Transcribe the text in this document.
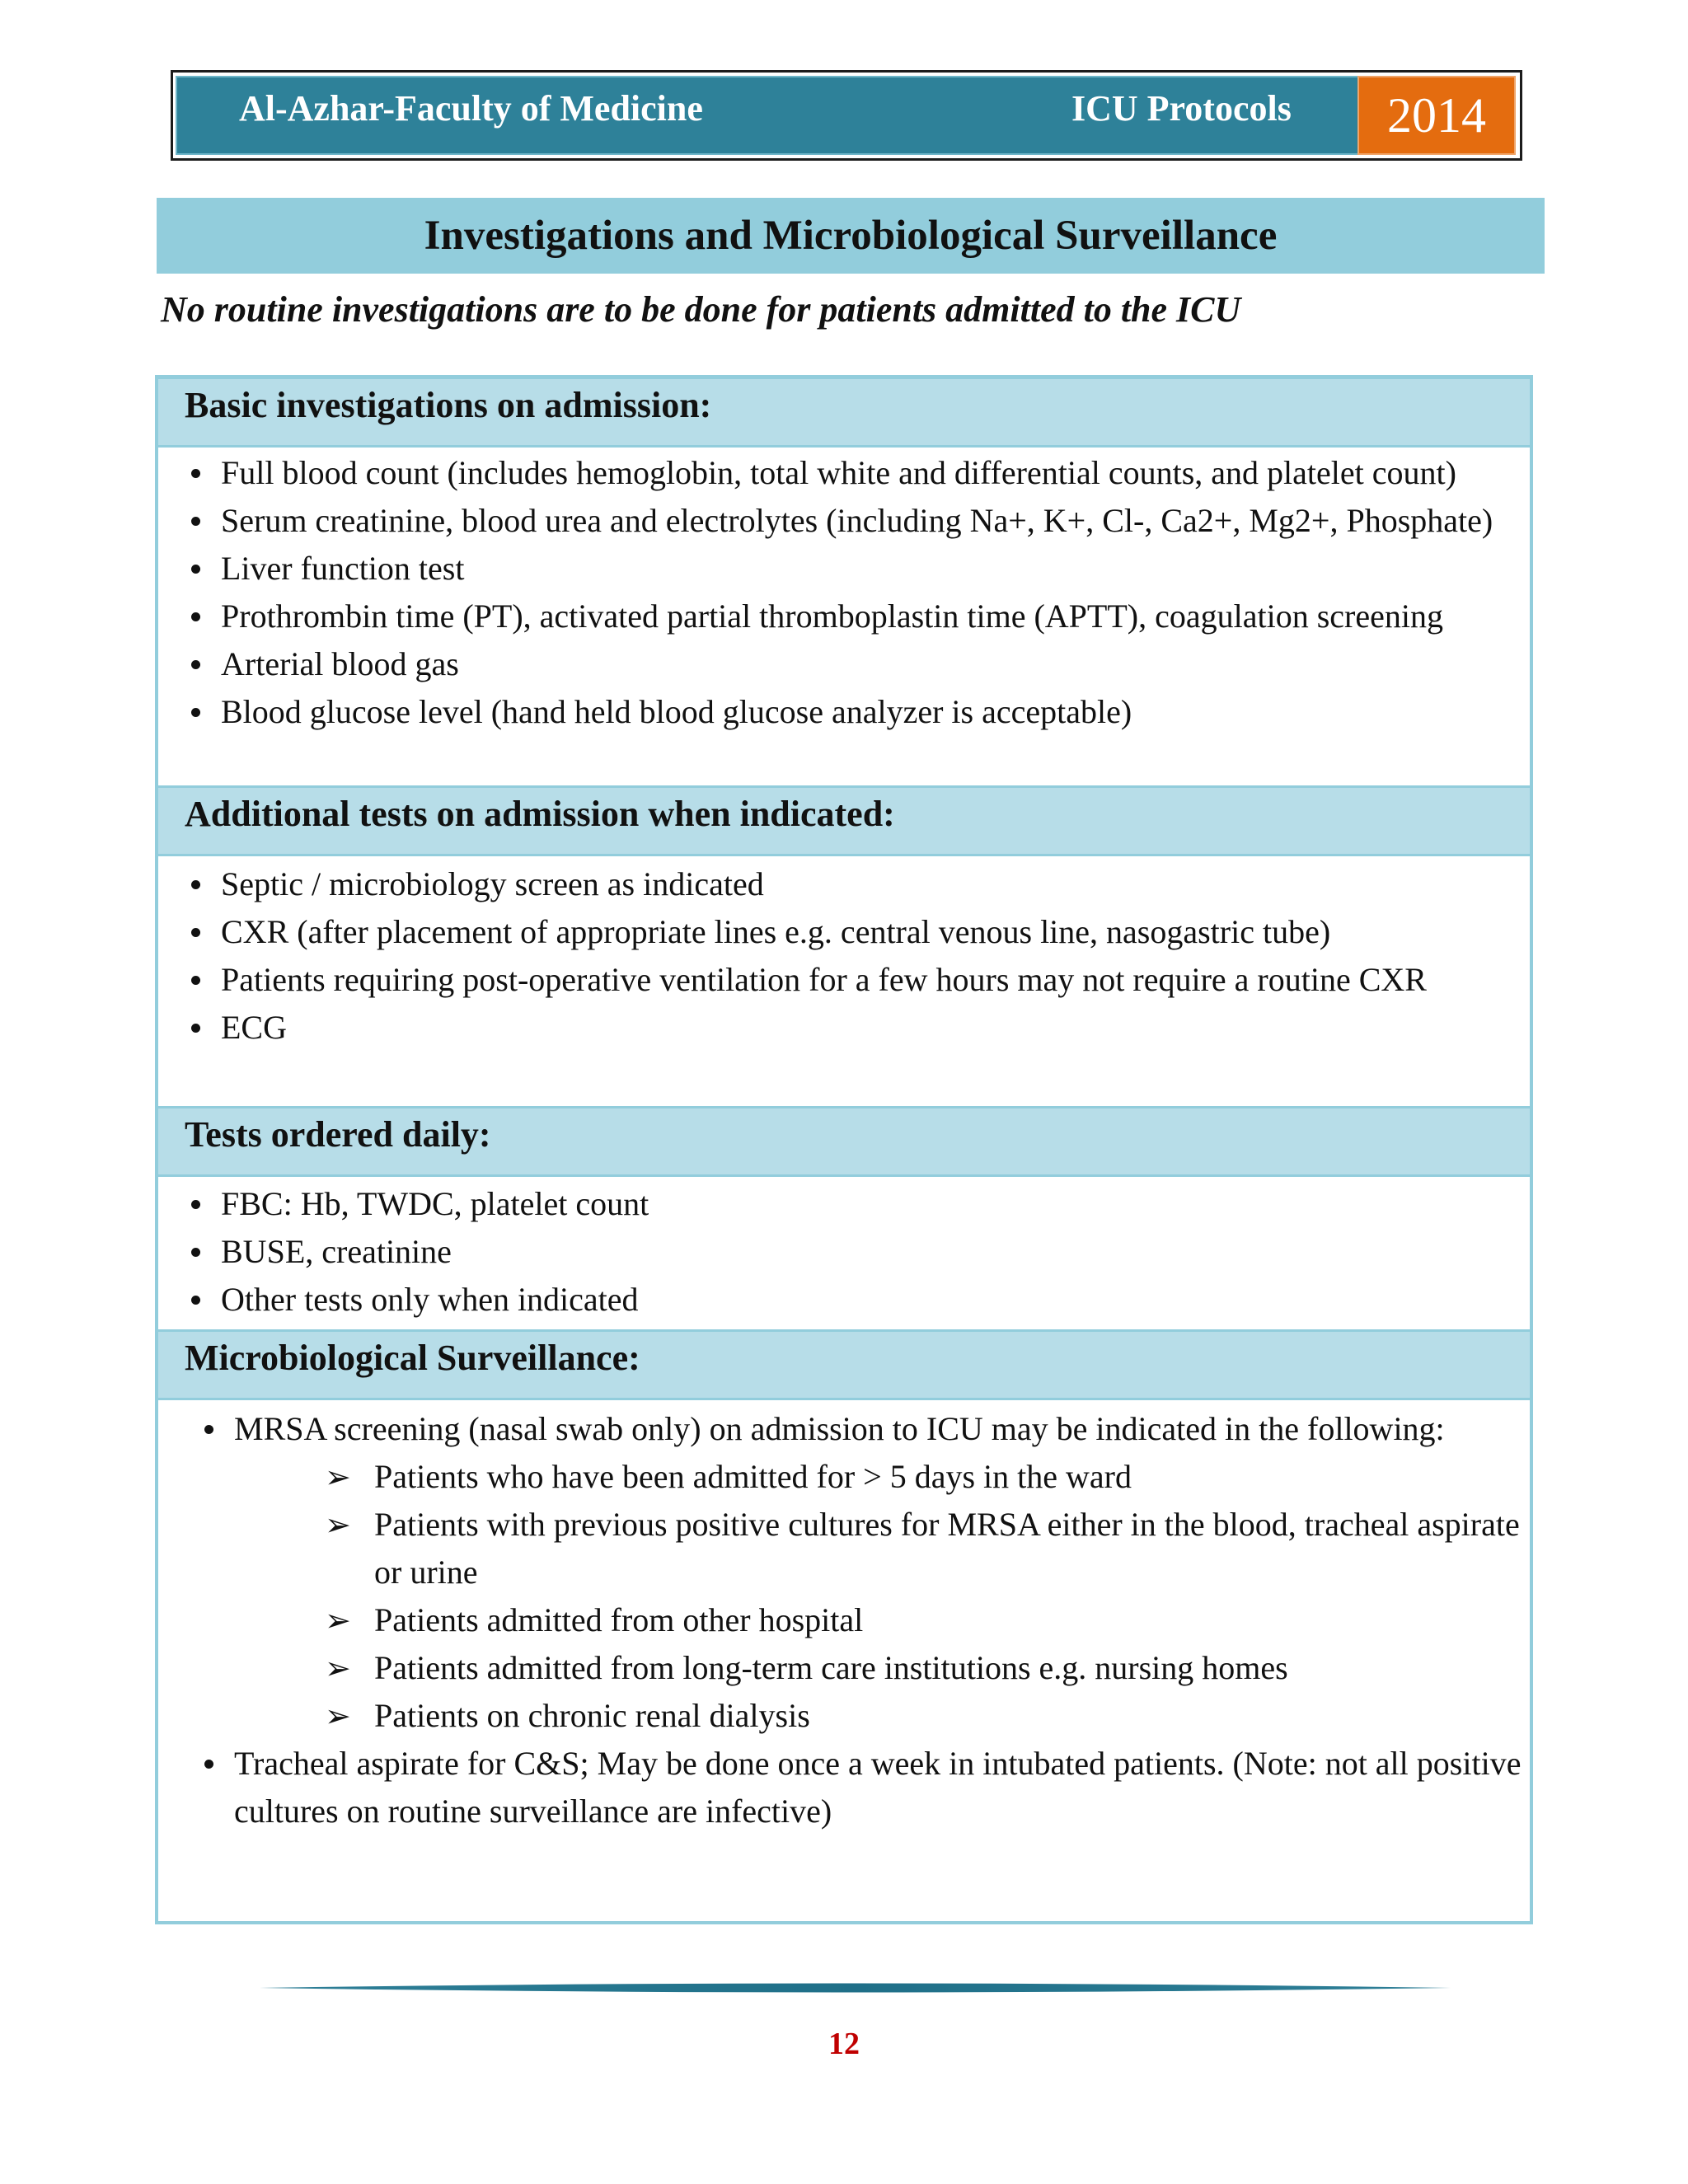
Al-Azhar-Faculty of Medicine	ICU Protocols 2014
Investigations and Microbiological Surveillance
No routine investigations are to be done for patients admitted to the ICU
Basic investigations on admission:
Full blood count (includes hemoglobin, total white and differential counts, and platelet count)
Serum creatinine, blood urea and electrolytes (including Na+, K+, Cl-, Ca2+, Mg2+, Phosphate)
Liver function test
Prothrombin time (PT), activated partial thromboplastin time (APTT), coagulation screening
Arterial blood gas
Blood glucose level (hand held blood glucose analyzer is acceptable)
Additional tests on admission when indicated:
Septic / microbiology screen as indicated
CXR (after placement of appropriate lines e.g. central venous line, nasogastric tube)
Patients requiring post-operative ventilation for a few hours may not require a routine CXR
ECG
Tests ordered daily:
FBC: Hb, TWDC, platelet count
BUSE, creatinine
Other tests only when indicated
Microbiological Surveillance:
MRSA screening (nasal swab only) on admission to ICU may be indicated in the following:
➢ Patients who have been admitted for > 5 days in the ward
➢ Patients with previous positive cultures for MRSA either in the blood, tracheal aspirate or urine
➢ Patients admitted from other hospital
➢ Patients admitted from long-term care institutions e.g. nursing homes
➢ Patients on chronic renal dialysis
Tracheal aspirate for C&S; May be done once a week in intubated patients. (Note: not all positive cultures on routine surveillance are infective)
12
